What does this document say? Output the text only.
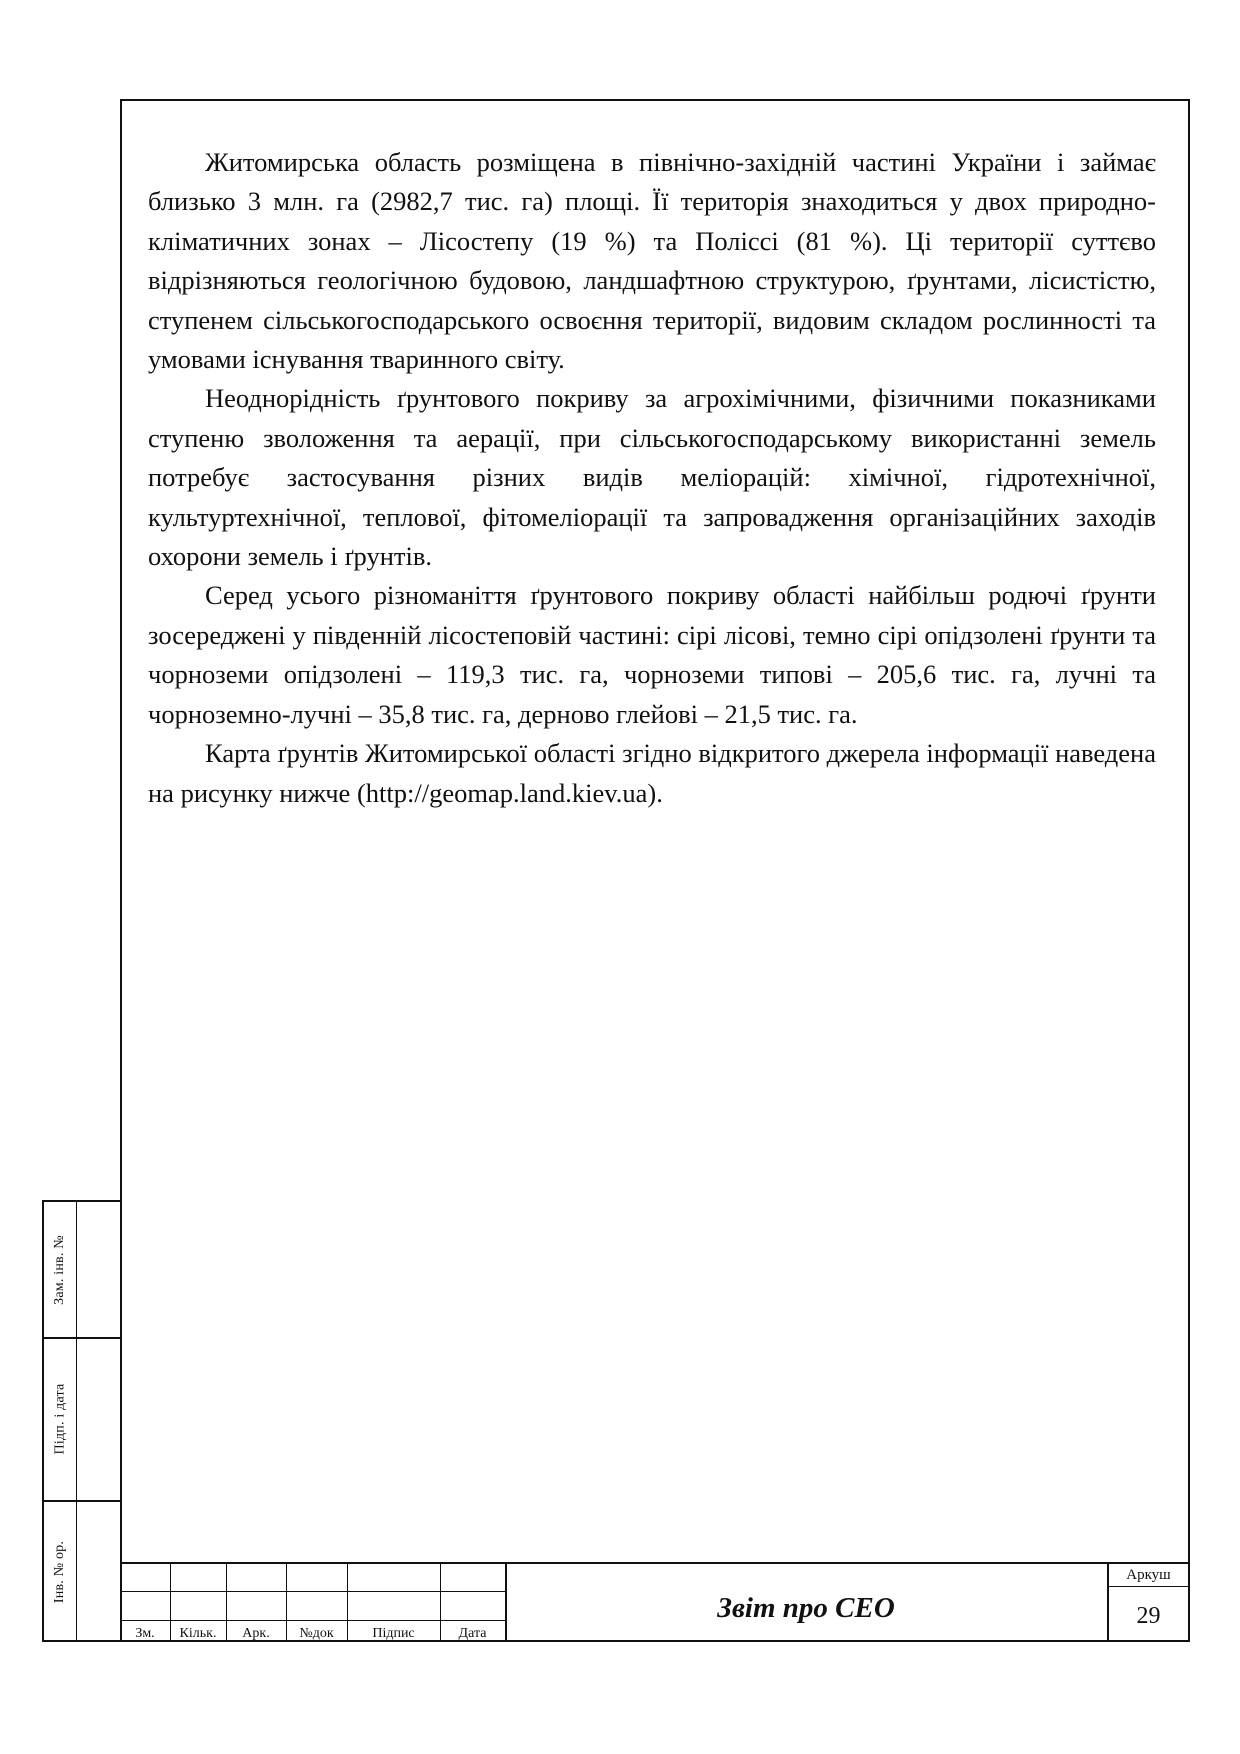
Житомирська область розміщена в північно-західній частині України і займає близько 3 млн. га (2982,7 тис. га) площі. Її територія знаходиться у двох природно-кліматичних зонах – Лісостепу (19 %) та Поліссі (81 %). Ці території суттєво відрізняються геологічною будовою, ландшафтною структурою, ґрунтами, лісистістю, ступенем сільськогосподарського освоєння території, видовим складом рослинності та умовами існування тваринного світу.

Неоднорідність ґрунтового покриву за агрохімічними, фізичними показниками ступеню зволоження та аерації, при сільськогосподарському використанні земель потребує застосування різних видів меліорацій: хімічної, гідротехнічної, культуртехнічної, теплової, фітомеліорації та запровадження організаційних заходів охорони земель і ґрунтів.

Серед усього різноманіття ґрунтового покриву області найбільш родючі ґрунти зосереджені у південній лісостеповій частині: сірі лісові, темно сірі опідзолені ґрунти та чорноземи опідзолені – 119,3 тис. га, чорноземи типові – 205,6 тис. га, лучні та чорноземно-лучні – 35,8 тис. га, дерново глейові – 21,5 тис. га.

Карта ґрунтів Житомирської області згідно відкритого джерела інформації наведена на рисунку нижче (http://geomap.land.kiev.ua).

Зам. інв. №
Підп. і дата
Інв. № ор.
Зм.	Кільк.	Арк.	№док	Підпис	Дата
Звіт про СЕО
Аркуш
29
